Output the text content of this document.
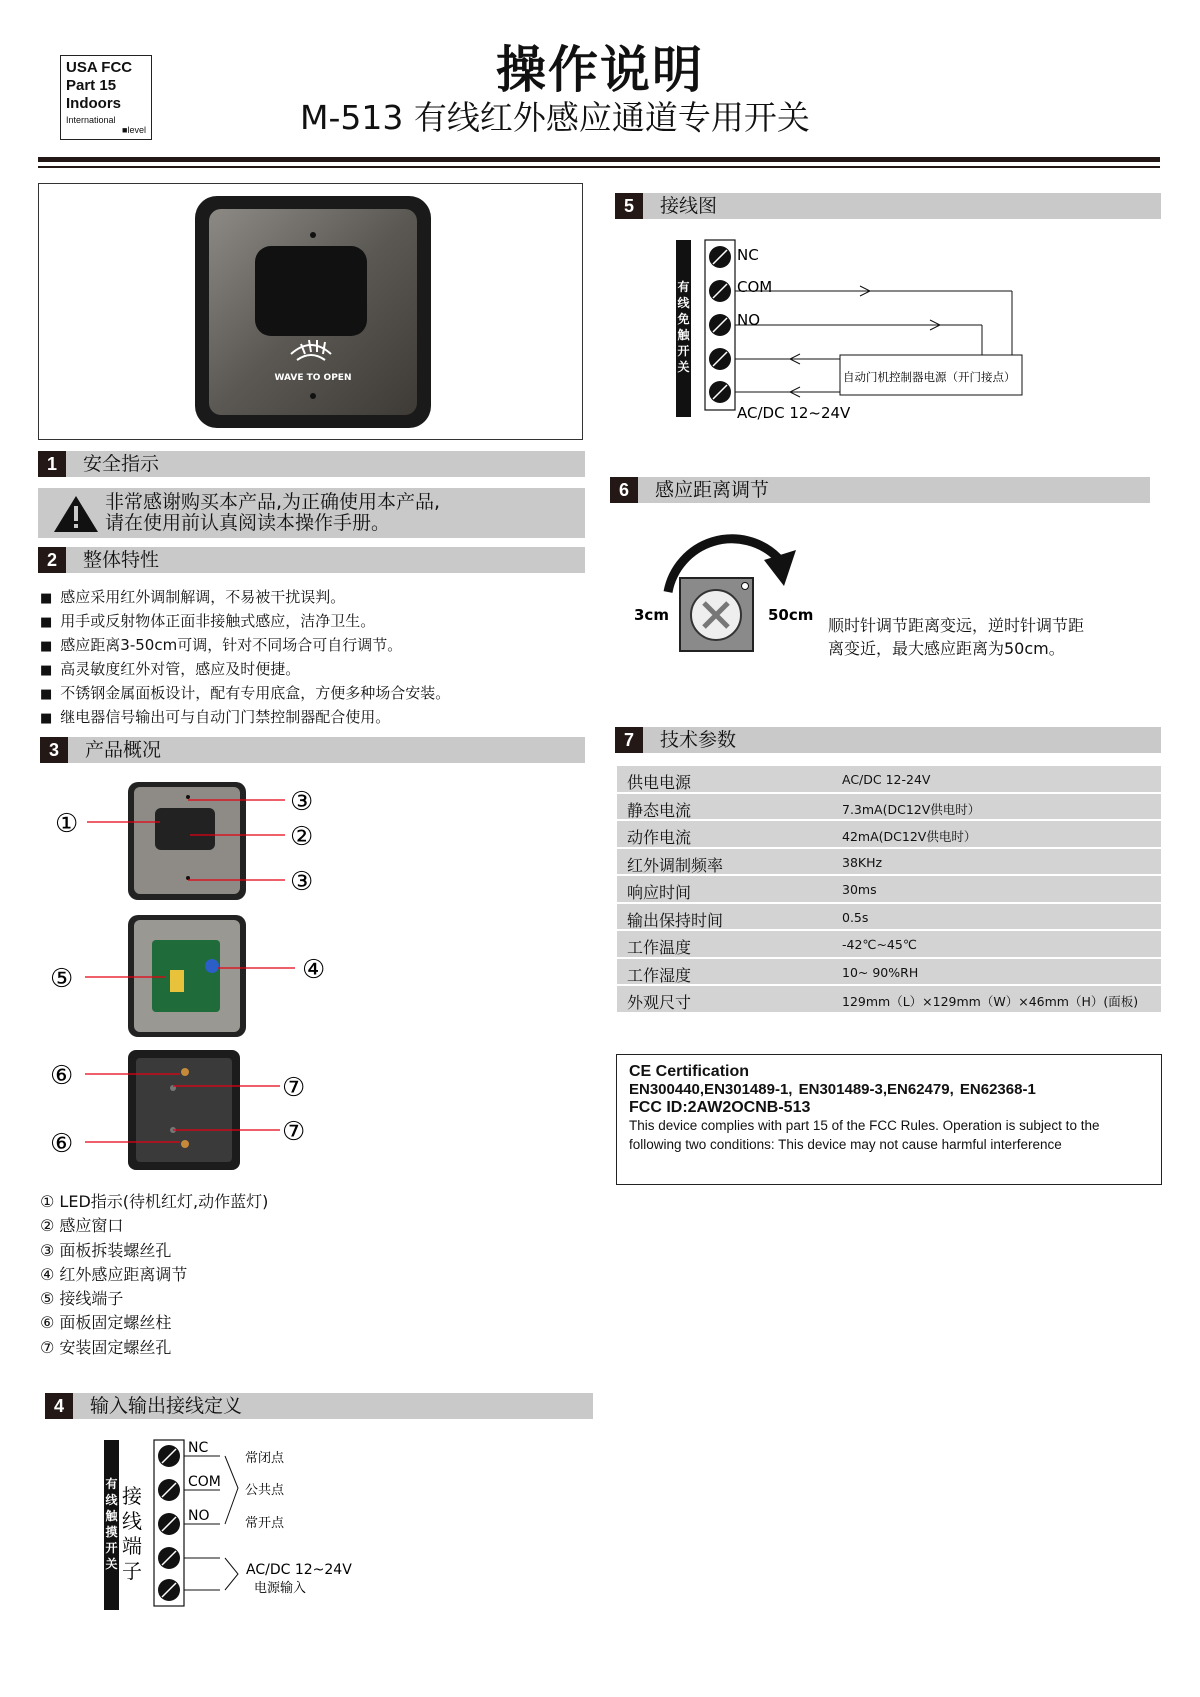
USA FCC
Part 15
Indoors
International
■level
操作说明
M-513 有线红外感应通道专用开关
WAVE TO OPEN
1	安全指示
非常感谢购买本产品,为正确使用本产品,
请在使用前认真阅读本操作手册。
2	整体特性
■ 感应采用红外调制解调，不易被干扰误判。
■ 用手或反射物体正面非接触式感应，洁净卫生。
■ 感应距离3-50cm可调，针对不同场合可自行调节。
■ 高灵敏度红外对管，感应及时便捷。
■ 不锈钢金属面板设计，配有专用底盒，方便多种场合安装。
■ 继电器信号输出可与自动门门禁控制器配合使用。
3	产品概况
①
③
②
③
⑤	④
⑥	⑦
⑦
⑥
① LED指示(待机红灯,动作蓝灯)
② 感应窗口
③ 面板拆装螺丝孔
④ 红外感应距离调节
⑤ 接线端子
⑥ 面板固定螺丝柱
⑦ 安装固定螺丝孔
4	输入输出接线定义
有
线
触
摸
开
关
接
线
端
子
NC
COM
NO
常闭点
公共点
常开点
AC/DC 12~24V
电源输入
5	接线图
有
线
免
触
开
关
自动门机控制器电源（开门接点）
NC
COM
NO
AC/DC 12~24V
6	感应距离调节
3cm	50cm
顺时针调节距离变远，逆时针调节距
离变近，最大感应距离为50cm。
7	技术参数
供电电源	AC/DC 12-24V
静态电流	7.3mA(DC12V供电时）
动作电流	42mA(DC12V供电时）
红外调制频率	38KHz
响应时间	30ms
输出保持时间	0.5s
工作温度	-42℃~45℃
工作湿度	10~ 90%RH
外观尺寸	129mm（L）×129mm（W）×46mm（H）(面板)
CE Certification
EN300440,EN301489-1, EN301489-3,EN62479, EN62368-1
FCC ID:2AW2OCNB-513
This device complies with part 15 of the FCC Rules. Operation is subject to the following two conditions: This device may not cause harmful interference
